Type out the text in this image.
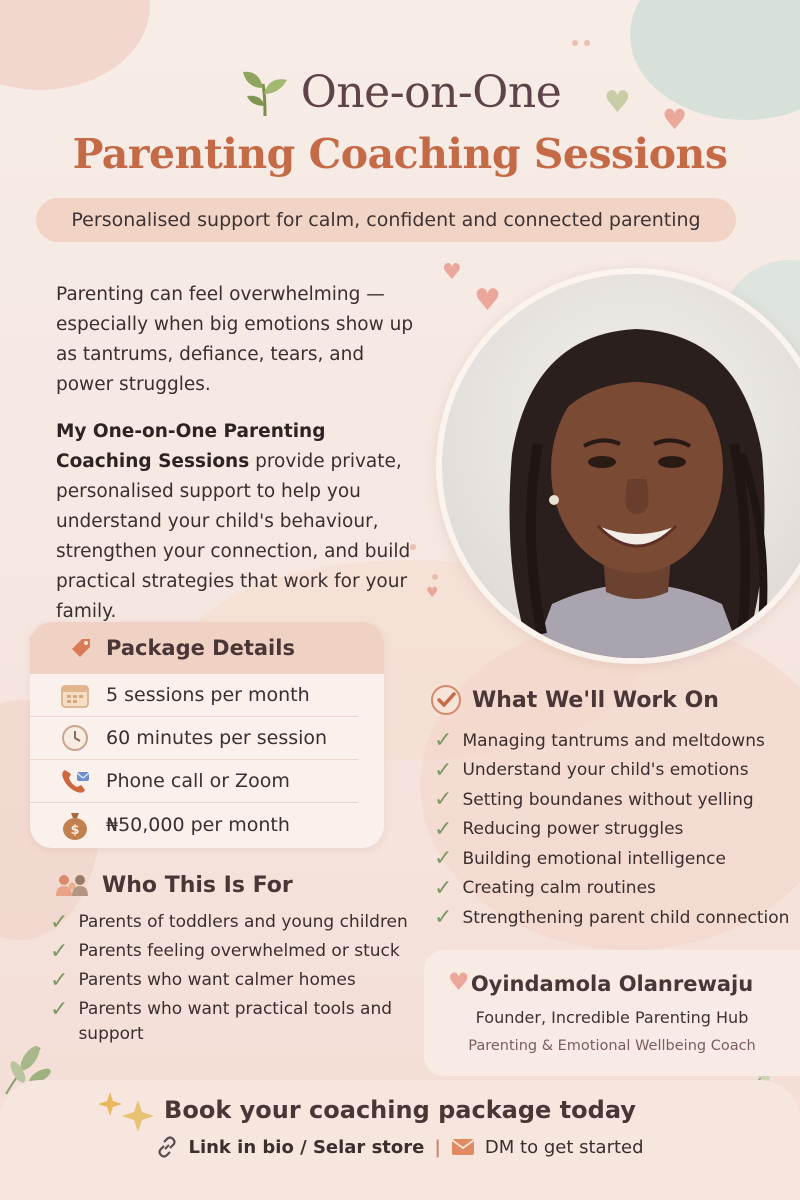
♥ ♥
♥
♥
♥
One-on-One
Parenting Coaching Sessions
Personalised support for calm, confident and connected parenting

Parenting can feel overwhelming — especially when big emotions show up as tantrums, defiance, tears, and power struggles.

My One-on-One Parenting Coaching Sessions provide private, personalised support to help you understand your child's behaviour, strengthen your connection, and build practical strategies that work for your family.

Package Details
5 sessions per month
60 minutes per session
Phone call or Zoom
$ ₦50,000 per month
What We'll Work On
✓ Managing tantrums and meltdowns
✓ Understand your child's emotions
✓ Setting boundanes without yelling
✓ Reducing power struggles
✓ Building emotional intelligence
✓ Creating calm routines
✓ Strengthening parent child connection
Who This Is For
✓ Parents of toddlers and young children
✓ Parents feeling overwhelmed or stuck
✓ Parents who want calmer homes
✓ Parents who want practical tools and support
♥ Oyindamola Olanrewaju
Founder, Incredible Parenting Hub
Parenting & Emotional Wellbeing Coach
Book your coaching package today
Link in bio / Selar store | DM to get started
